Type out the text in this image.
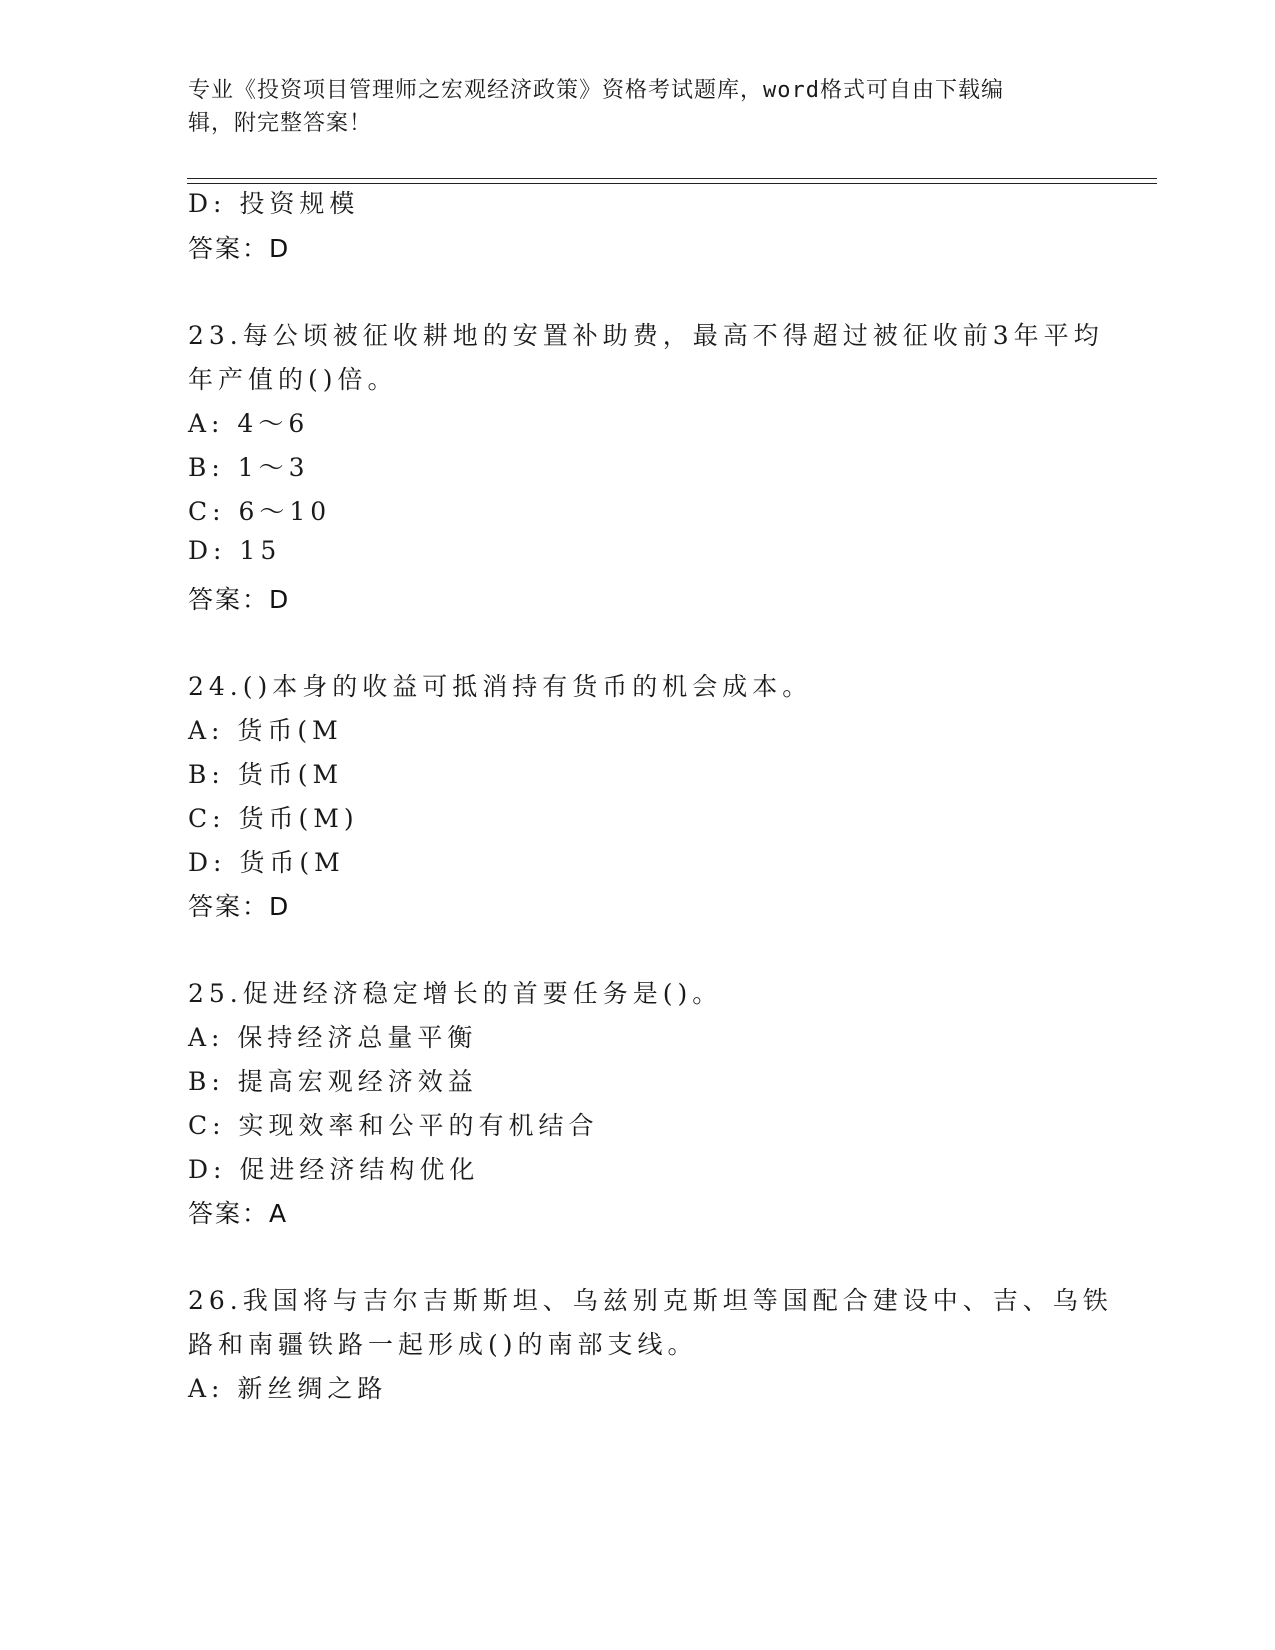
专业《投资项目管理师之宏观经济政策》资格考试题库，word格式可自由下载编
辑，附完整答案！
D: 投资规模
答案：D
23.每公顷被征收耕地的安置补助费，最高不得超过被征收前3年平均
年产值的()倍。
A: 4～6
B: 1～3
C: 6～10
D: 15
答案：D
24.()本身的收益可抵消持有货币的机会成本。
A: 货币(M
B: 货币(M
C: 货币(M)
D: 货币(M
答案：D
25.促进经济稳定增长的首要任务是()。
A: 保持经济总量平衡
B: 提高宏观经济效益
C: 实现效率和公平的有机结合
D: 促进经济结构优化
答案：A
26.我国将与吉尔吉斯斯坦、乌兹别克斯坦等国配合建设中、吉、乌铁
路和南疆铁路一起形成()的南部支线。
A: 新丝绸之路
